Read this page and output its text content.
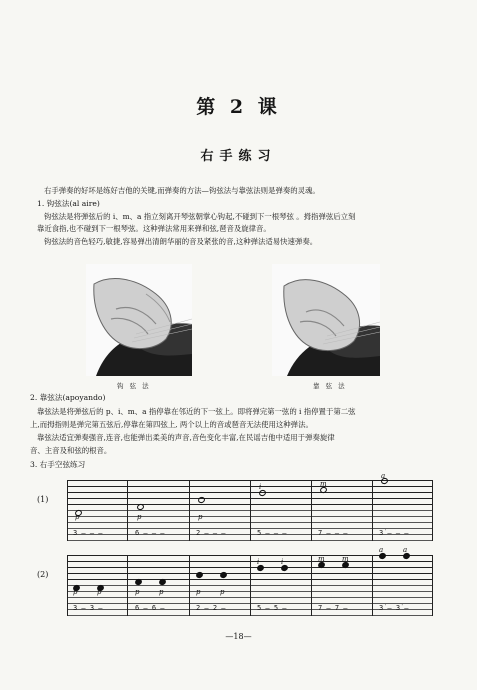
第 2 课
右手练习
右手弹奏的好坏是练好吉他的关键,而弹奏的方法—钩弦法与靠弦法则是弹奏的灵魂。
1. 钩弦法(al aire)
钩弦法是将弹弦后的 i、m、a 指立刻离开琴弦朝掌心钩起,不碰到下一根琴弦 。拇指弹弦后立刻
靠近食指,也不碰到下一根琴弦。这种弹法常用来弹和弦,琶音及旋律音。
钩弦法的音色轻巧,敏捷,容易弹出清朗华丽的音及紧张的音,这种弹法适易快速弹奏。
钩 弦 法	靠 弦 法
2. 靠弦法(apoyando)
靠弦法是将弹弦后的 p、i、m、a 指停靠在邻近的下一弦上。即将弹完第一弦的 i 指停置于第二弦
上,而拇指则是弹完第五弦后,停靠在第四弦上, 两个以上的音或琶音无法使用这种弹法。
靠弦法适宜弹奏强音,连音,也能弹出柔美的声音,音色变化丰富,在民谣吉他中适用于弹奏旋律
音、主音及和弦的根音。
3. 右手空弦练习
(1)
p	p	p
i	m
a
3 — — —	6 — — —	2 — — —	5 — — —	7 — — —	3̇ — — —
(2)
p	p	p	p	p	p
i	i	m m
a	a
3 — 3 —	6 — 6 —	2 — 2 —	5 — 5 —	7 — 7 —	3̇ — 3̇ —
—18—
